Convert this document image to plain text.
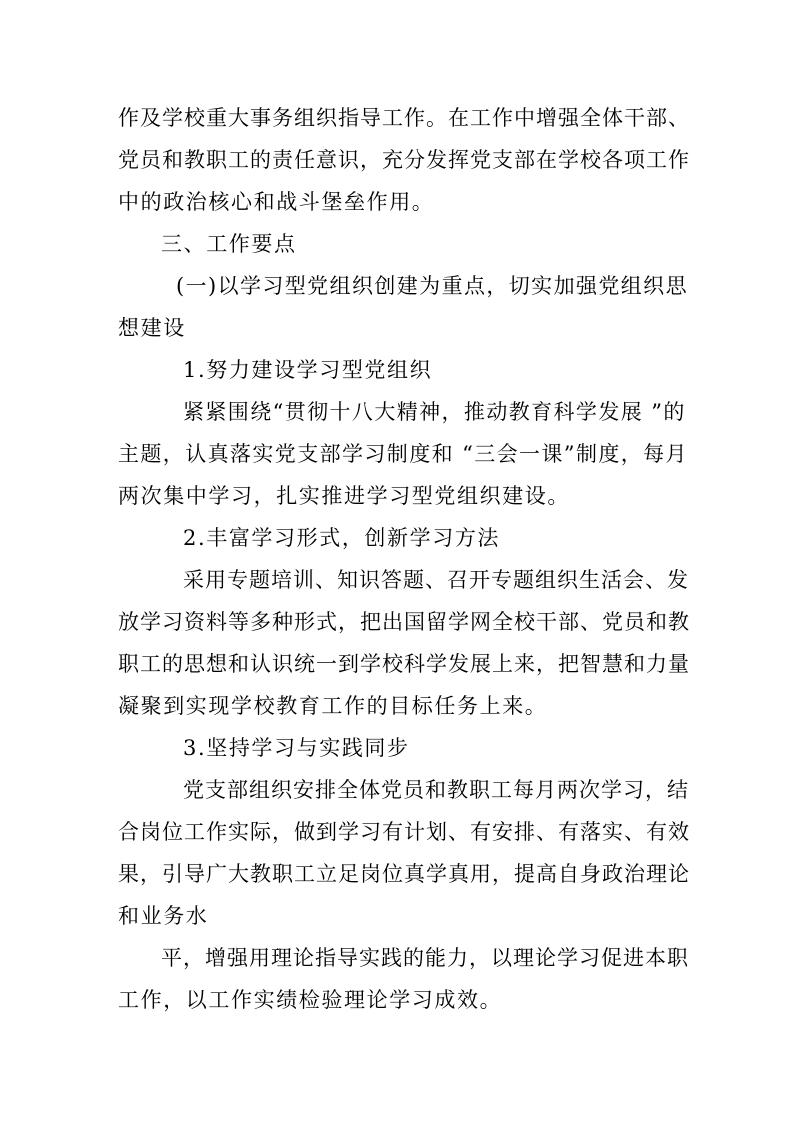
作及学校重大事务组织指导工作。在工作中增强全体干部、

党员和教职工的责任意识，充分发挥党支部在学校各项工作

中的政治核心和战斗堡垒作用。

三、工作要点

(一)以学习型党组织创建为重点，切实加强党组织思

想建设

1.努力建设学习型党组织

紧紧围绕“贯彻十八大精神，推动教育科学发展 ”的

主题，认真落实党支部学习制度和 “三会一课”制度，每月

两次集中学习，扎实推进学习型党组织建设。

2.丰富学习形式，创新学习方法

采用专题培训、知识答题、召开专题组织生活会、发

放学习资料等多种形式，把出国留学网全校干部、党员和教

职工的思想和认识统一到学校科学发展上来，把智慧和力量

凝聚到实现学校教育工作的目标任务上来。

3.坚持学习与实践同步

党支部组织安排全体党员和教职工每月两次学习，结

合岗位工作实际，做到学习有计划、有安排、有落实、有效

果，引导广大教职工立足岗位真学真用，提高自身政治理论

和业务水

平，增强用理论指导实践的能力，以理论学习促进本职

工作，以工作实绩检验理论学习成效。
